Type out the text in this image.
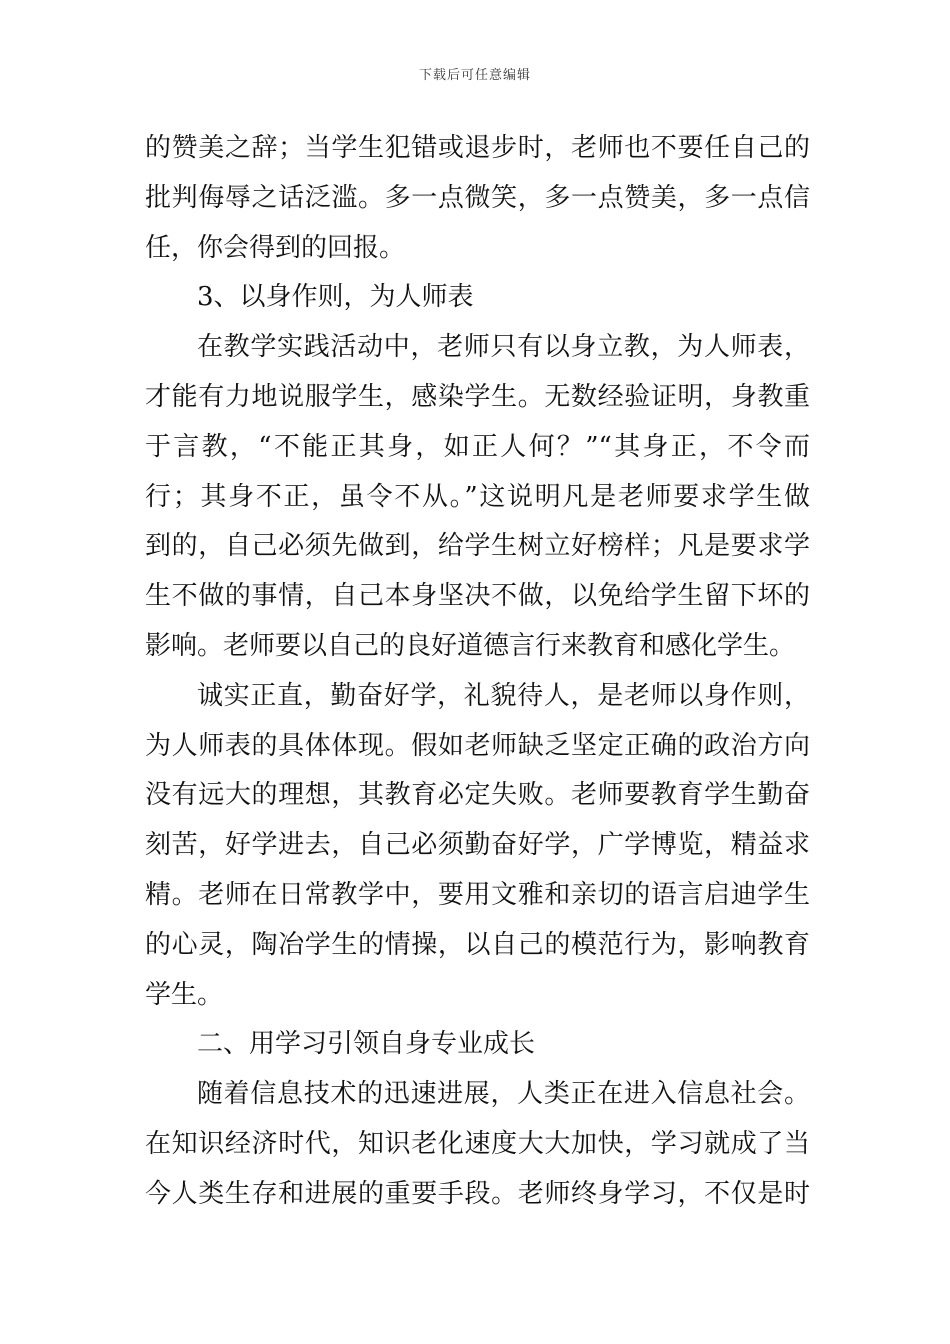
下载后可任意编辑
的赞美之辞；当学生犯错或退步时，老师也不要任自己的
批判侮辱之话泛滥。多一点微笑，多一点赞美，多一点信
任，你会得到的回报。
3、以身作则，为人师表
在教学实践活动中，老师只有以身立教，为人师表，
才能有力地说服学生，感染学生。无数经验证明，身教重
于言教，“不能正其身，如正人何？”“其身正，不令而
行；其身不正，虽令不从。”这说明凡是老师要求学生做
到的，自己必须先做到，给学生树立好榜样；凡是要求学
生不做的事情，自己本身坚决不做，以免给学生留下坏的
影响。老师要以自己的良好道德言行来教育和感化学生。
诚实正直，勤奋好学，礼貌待人，是老师以身作则，
为人师表的具体体现。假如老师缺乏坚定正确的政治方向
没有远大的理想，其教育必定失败。老师要教育学生勤奋
刻苦，好学进去，自己必须勤奋好学，广学博览，精益求
精。老师在日常教学中，要用文雅和亲切的语言启迪学生
的心灵，陶冶学生的情操，以自己的模范行为，影响教育
学生。
二、用学习引领自身专业成长
随着信息技术的迅速进展，人类正在进入信息社会。
在知识经济时代，知识老化速度大大加快，学习就成了当
今人类生存和进展的重要手段。老师终身学习，不仅是时
